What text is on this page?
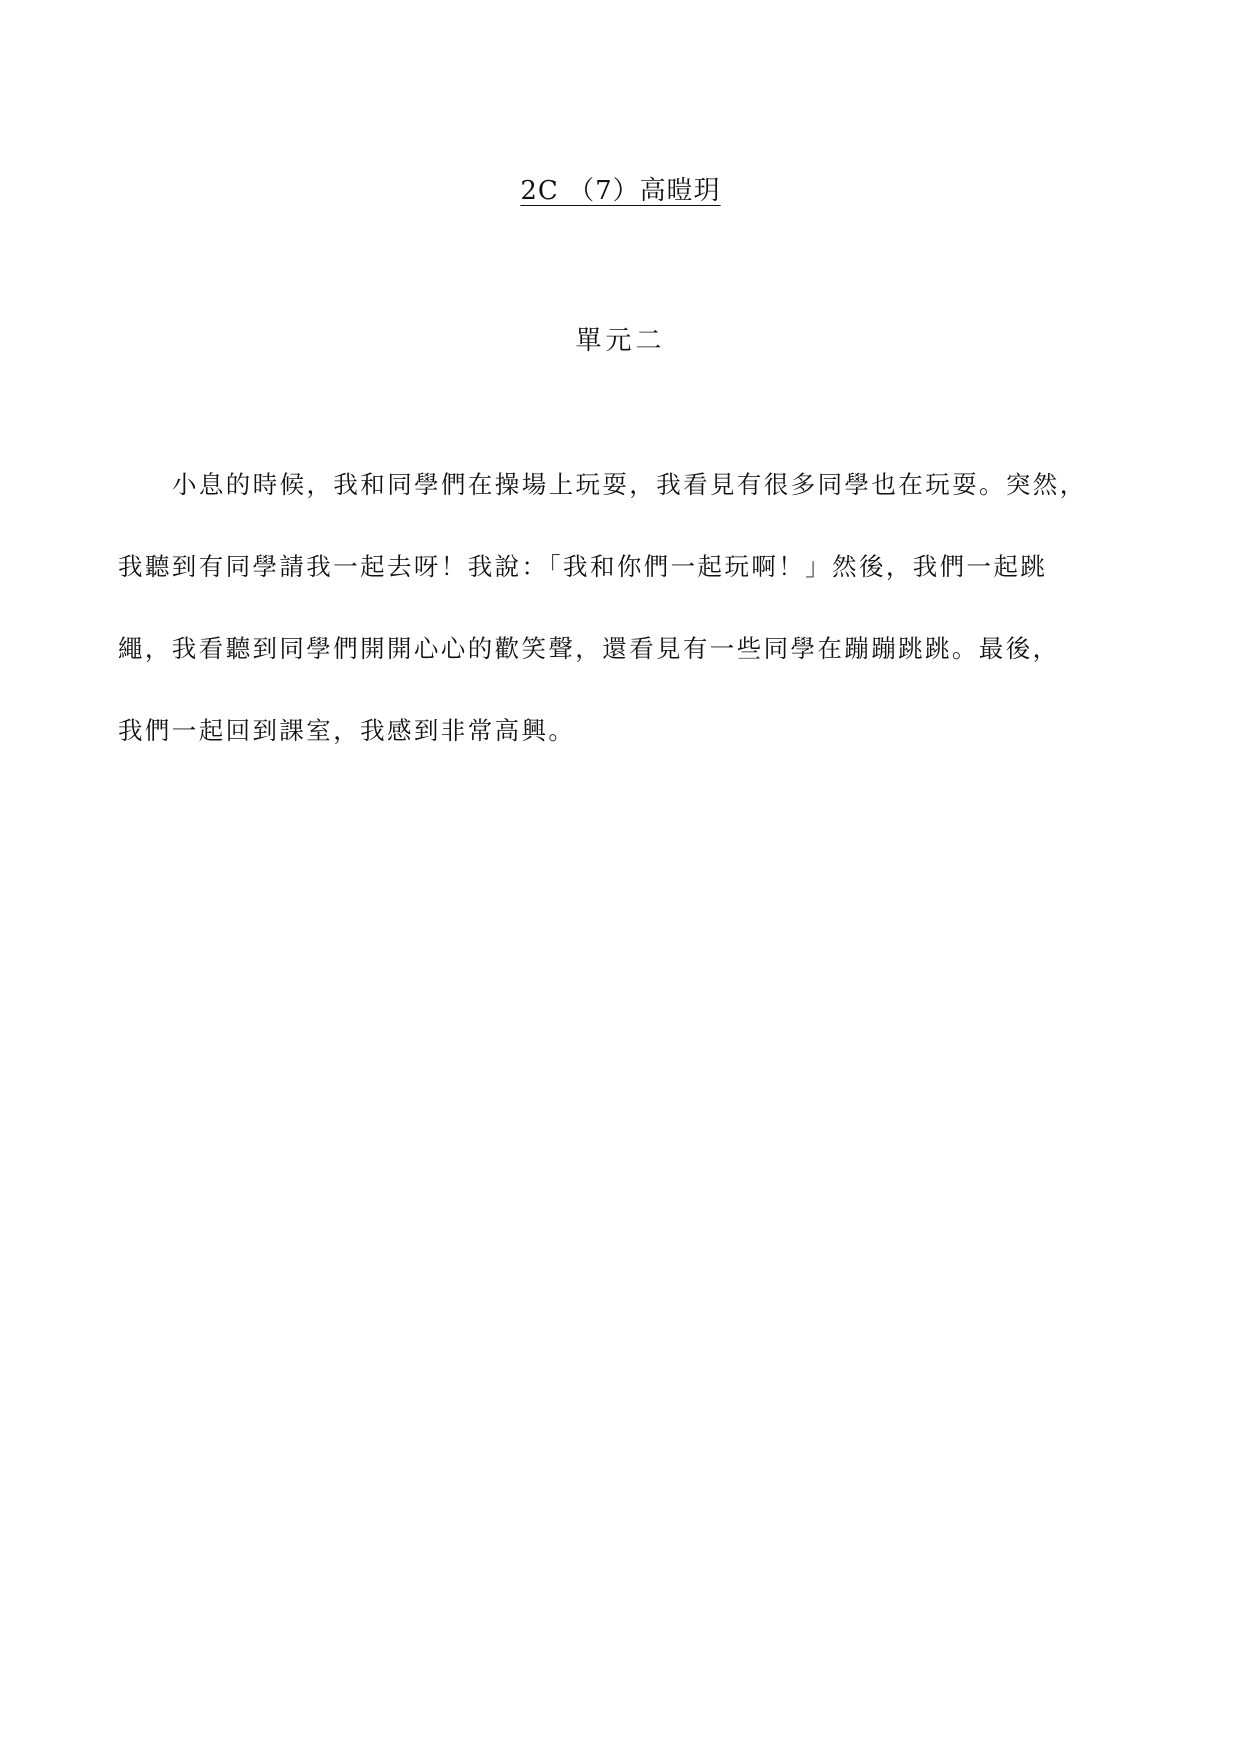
2C （7）高暟玥
單元二
小息的時候，我和同學們在操場上玩耍，我看見有很多同學也在玩耍。突然，
我聽到有同學請我一起去呀！我說：「我和你們一起玩啊！」然後，我們一起跳
繩，我看聽到同學們開開心心的歡笑聲，還看見有一些同學在蹦蹦跳跳。最後，
我們一起回到課室，我感到非常高興。
